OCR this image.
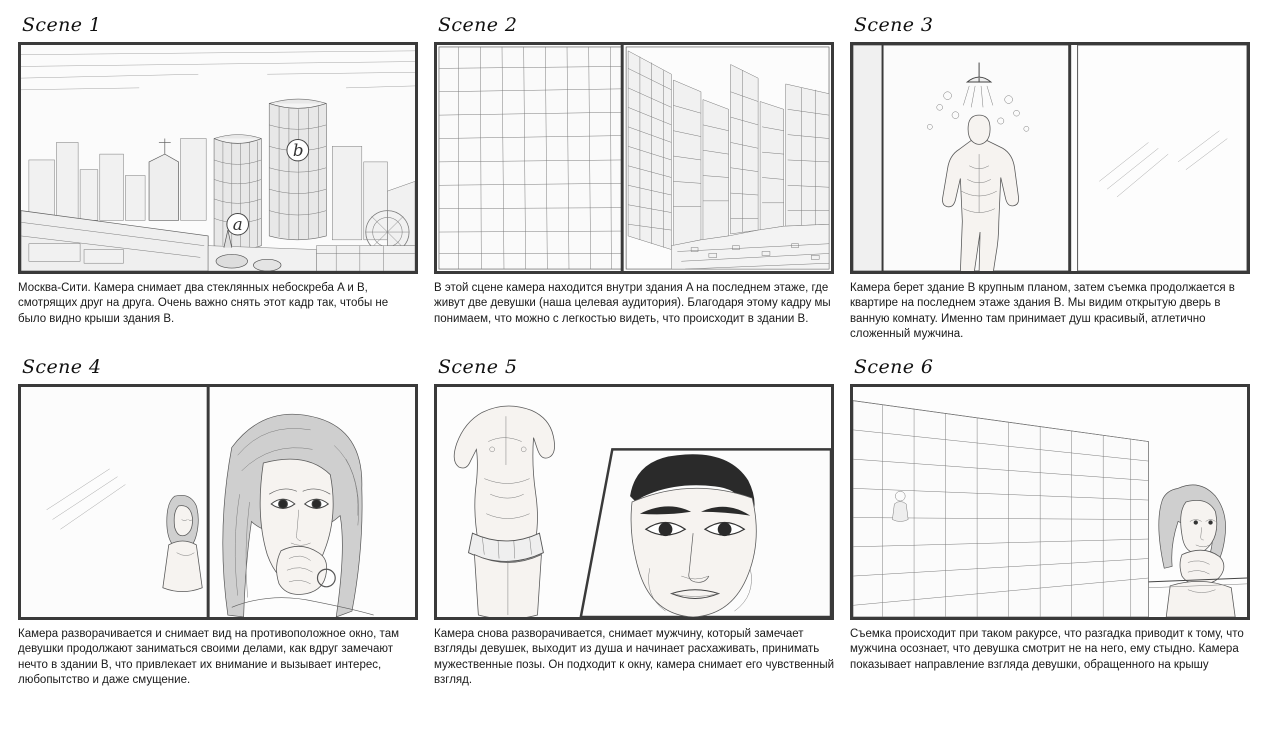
Scene 1
a
b
Москва-Сити. Камера снимает два стеклянных небоскреба A и B, смотрящих друг на друга. Очень важно снять этот кадр так, чтобы не было видно крыши здания B.
Scene 2
В этой сцене камера находится внутри здания A на последнем этаже, где живут две девушки (наша целевая аудитория). Благодаря этому кадру мы понимаем, что можно с легкостью видеть, что происходит в здании B.
Scene 3
Камера берет здание B крупным планом, затем съемка продолжается в квартире на последнем этаже здания B. Мы видим открытую дверь в ванную комнату. Именно там принимает душ красивый, атлетично сложенный мужчина.
Scene 4
Камера разворачивается и снимает вид на противоположное окно, там девушки продолжают заниматься своими делами, как вдруг замечают нечто в здании B, что привлекает их внимание и вызывает интерес, любопытство и даже смущение.
Scene 5
Камера снова разворачивается, снимает мужчину, который замечает взгляды девушек, выходит из душа и начинает расхаживать, принимать мужественные позы. Он подходит к окну, камера снимает его чувственный взгляд.
Scene 6
Съемка происходит при таком ракурсе, что разгадка приводит к тому, что мужчина осознает, что девушка смотрит не на него, ему стыдно. Камера показывает направление взгляда девушки, обращенного на крышу
